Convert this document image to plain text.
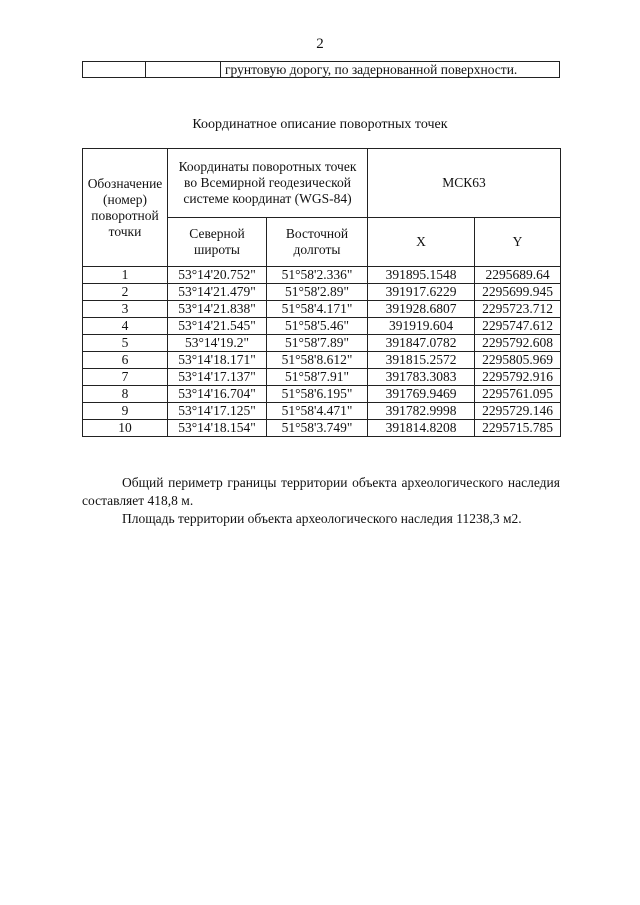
2
		грунтовую дорогу, по задернованной поверхности.
Координатное описание поворотных точек
Обозначение (номер) поворотной точки	Координаты поворотных точек во Всемирной геодезической системе координат (WGS-84)		МСК63	
	Северной широты	Восточной долготы	X	Y
1	53°14'20.752"	51°58'2.336"	391895.1548	2295689.64
2	53°14'21.479"	51°58'2.89"	391917.6229	2295699.945
3	53°14'21.838"	51°58'4.171"	391928.6807	2295723.712
4	53°14'21.545"	51°58'5.46"	391919.604	2295747.612
5	53°14'19.2"	51°58'7.89"	391847.0782	2295792.608
6	53°14'18.171"	51°58'8.612"	391815.2572	2295805.969
7	53°14'17.137"	51°58'7.91"	391783.3083	2295792.916
8	53°14'16.704"	51°58'6.195"	391769.9469	2295761.095
9	53°14'17.125"	51°58'4.471"	391782.9998	2295729.146
10	53°14'18.154"	51°58'3.749"	391814.8208	2295715.785
Общий периметр границы территории объекта археологического наследия составляет 418,8 м.
Площадь территории объекта археологического наследия 11238,3 м2.
